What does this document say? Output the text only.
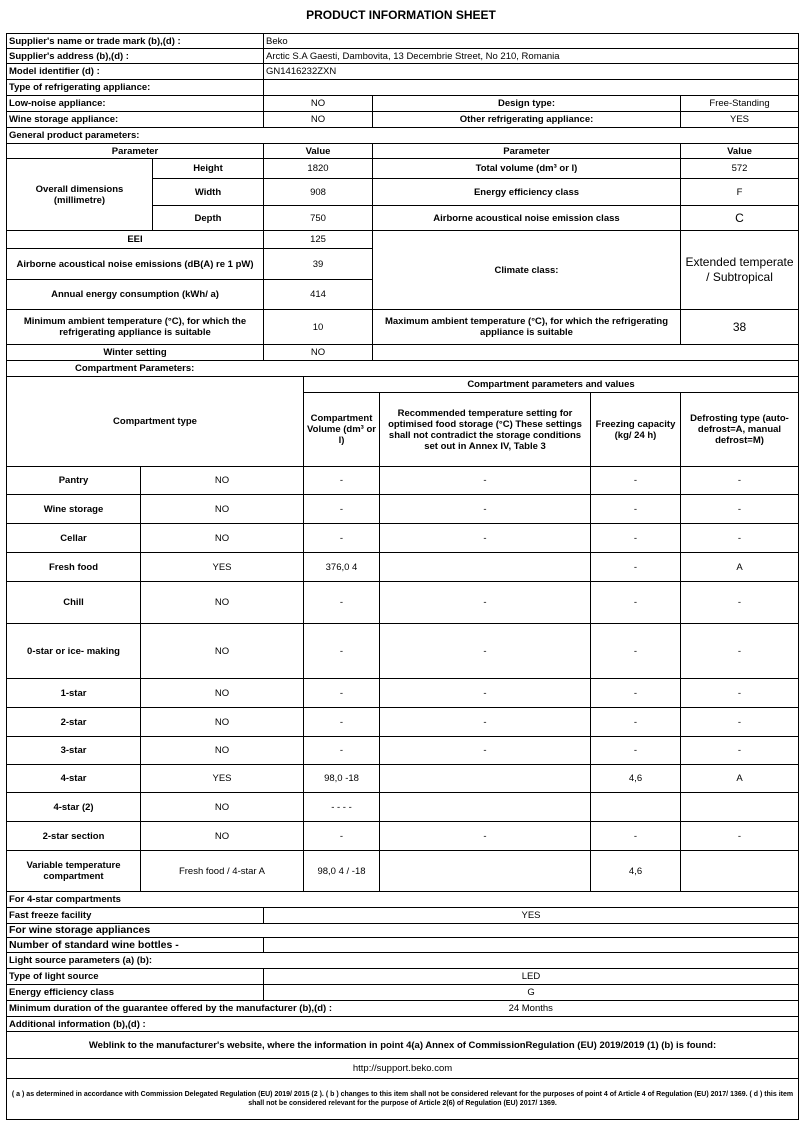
PRODUCT INFORMATION SHEET
Supplier's name or trade mark (b),(d) :		Beko		
Supplier's address (b),(d) :		Arctic S.A Gaesti, Dambovita, 13 Decembrie Street, No 210, Romania		
Model identifier (d) :		GN1416232ZXN		
Type of refrigerating appliance:				
Low-noise appliance:		NO	Design type:	Free-Standing
Wine storage appliance:		NO	Other refrigerating appliance:	YES
General product parameters:				
Parameter		Value	Parameter	Value
Overall dimensions (millimetre)	Height	1820	Total volume (dm³ or l)	572
	Width	908	Energy efficiency class	F
	Depth	750	Airborne acoustical noise emission class	C
EEI		125	Climate class:	Extended temperate / Subtropical
Airborne acoustical noise emissions (dB(A) re 1 pW)		39		
Annual energy consumption (kWh/ a)		414		
Minimum ambient temperature (°C), for which the refrigerating appliance is suitable		10	Maximum ambient temperature (°C), for which the refrigerating appliance is suitable	38
Winter setting		NO		
Compartment Parameters:				
Compartment type		Compartment parameters and values			
		Compartment Volume (dm³ or l)	Recommended temperature setting for optimised food storage (°C) These settings shall not contradict the storage conditions set out in Annex IV, Table 3	Freezing capacity (kg/ 24 h)	Defrosting type (auto-defrost=A, manual defrost=M)
Pantry	NO	-	-	-	-
Wine storage	NO	-	-	-	-
Cellar	NO	-	-	-	-
Fresh food	YES	376,0 4		-	A
Chill	NO	-	-	-	-
0-star or ice- making	NO	-	-	-	-
1-star	NO	-	-	-	-
2-star	NO	-	-	-	-
3-star	NO	-	-	-	-
4-star	YES	98,0 -18		4,6	A
4-star (2)	NO	- - - -			
2-star section	NO	-	-	-	-
Variable temperature compartment	Fresh food / 4-star A	98,0 4 / -18		4,6	
For 4-star compartments	
Fast freeze facility	YES
For wine storage appliances	
Number of standard wine bottles -	
Light source parameters (a) (b):	
Type of light source	LED
Energy efficiency class	G
Minimum duration of the guarantee offered by the manufacturer (b),(d) :	24 Months
Additional information (b),(d) :	
Weblink to the manufacturer's website, where the information in point 4(a) Annex of CommissionRegulation (EU) 2019/2019 (1) (b) is found:	
http://support.beko.com	
( a ) as determined in accordance with Commission Delegated Regulation (EU) 2019/ 2015 (2 ). ( b ) changes to this item shall not be considered relevant for the purposes of point 4 of Article 4 of Regulation (EU) 2017/ 1369. ( d ) this item shall not be considered relevant for the purpose of Article 2(6) of Regulation (EU) 2017/ 1369.	
